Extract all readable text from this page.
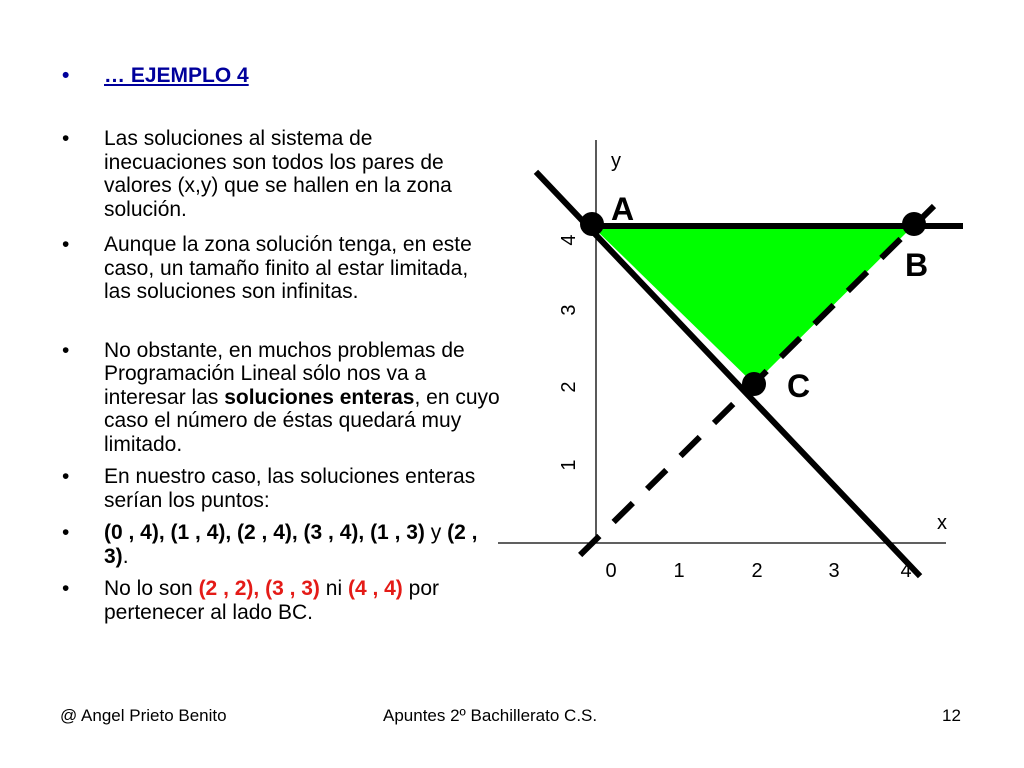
•	… EJEMPLO 4
•	Las soluciones al sistema de inecuaciones son todos los pares de valores (x,y) que se hallen en la zona solución.
•	Aunque la zona solución tenga, en este caso, un tamaño finito al estar limitada, las soluciones son infinitas.
•	No obstante, en muchos problemas de Programación Lineal sólo nos va a interesar las soluciones enteras, en cuyo caso el número de éstas quedará muy limitado.
•	En nuestro caso, las soluciones enteras serían los puntos:
•	(0 , 4), (1 , 4), (2 , 4), (3 , 4), (1 , 3) y (2 , 3).
•	No lo son (2 , 2), (3 , 3) ni (4 , 4) por pertenecer al lado BC.
A
B
C
y
x
0	1	2	3	4
1
2
3
4
@ Angel Prieto Benito	Apuntes 2º Bachillerato C.S.	12
